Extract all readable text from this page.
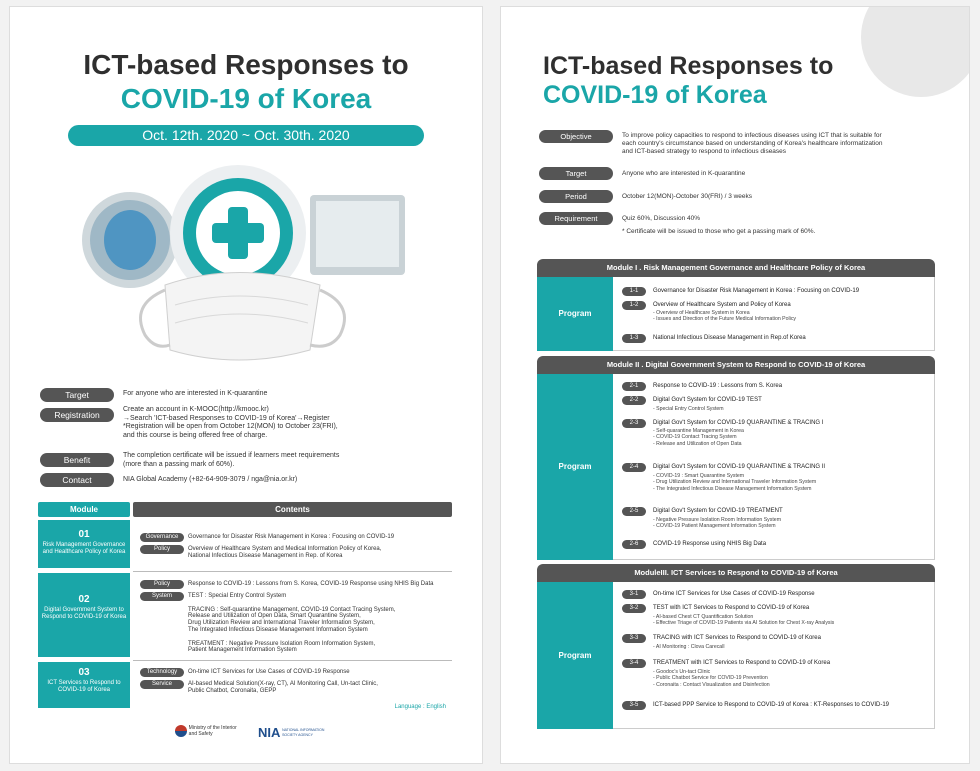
ICT-based Responses to
COVID-19 of Korea
Oct. 12th. 2020 ~ Oct. 30th. 2020
Target	For anyone who are interested in K-quarantine
Registration
Create an account in K-MOOC(http://kmooc.kr)
→Search 'ICT-based Responses to COVID-19 of Korea'→Register
*Registration will be open from October 12(MON) to October 23(FRI),
and this course is being offered free of charge.
Benefit	The completion certificate will be issued if learners meet requirements
(more than a passing mark of 60%).
Contact	NIA Global Academy (+82-64-909-3079 / nga@nia.or.kr)
Module	Contents
01
Risk Management Governance and Healthcare Policy of Korea
Governance	Governance for Disaster Risk Management in Korea : Focusing on COVID-19
Policy	Overview of Healthcare System and Medical Information Policy of Korea,
National Infectious Disease Management in Rep. of Korea
02
Digital Government System to Respond to COVID-19 of Korea
Policy	Response to COVID-19 : Lessons from S. Korea, COVID-19 Response using NHIS Big Data
System	TEST : Special Entry Control System

TRACING : Self-quarantine Management, COVID-19 Contact Tracing System,
Release and Utilization of Open Data, Smart Quarantine System,
Drug Utilization Review and International Traveler Information System,
The Integrated Infectious Disease Management Information System

TREATMENT : Negative Pressure Isolation Room Information System,
Patient Management Information System
03
ICT Services to Respond to COVID-19 of Korea
Technology	On-time ICT Services for Use Cases of COVID-19 Response
Service	AI-based Medical Solution(X-ray, CT), AI Monitoring Call, Un-tact Clinic,
Public Chatbot, Coronaita, GEPP
Language : English
Ministry of the Interior and Safety	NIA NATIONAL INFORMATION SOCIETY AGENCY
ICT-based Responses to
COVID-19 of Korea
Objective	To improve policy capacities to respond to infectious diseases using ICT that is suitable for
each country's circumstance based on understanding of Korea's healthcare informatization
and ICT-based strategy to respond to infectious diseases
Target	Anyone who are interested in K-quarantine
Period	October 12(MON)-October 30(FRI) / 3 weeks
Requirement	Quiz 60%, Discussion 40%
* Certificate will be issued to those who get a passing mark of 60%.
Module I . Risk Management Governance and Healthcare Policy of Korea
Program
1-1	Governance for Disaster Risk Management in Korea : Focusing on COVID-19
1-2	Overview of Healthcare System and Policy of Korea
- Overview of Healthcare System in Korea
- Issues and Direction of the Future Medical Information Policy
1-3	National Infectious Disease Management in Rep.of Korea
Module II . Digital Government System to Respond to COVID-19 of Korea
Program
2-1	Response to COVID-19 : Lessons from S. Korea
2-2	Digital Gov't System for COVID-19 TEST
- Special Entry Control System
2-3	Digital Gov't System for COVID-19 QUARANTINE & TRACING I
- Self-quarantine Management in Korea
- COVID-19 Contact Tracing System
- Release and Utilization of Open Data
2-4	Digital Gov't System for COVID-19 QUARANTINE & TRACING II
- COVID-19 : Smart Quarantine System
- Drug Utilization Review and International Traveler Information System
- The Integrated Infectious Disease Management Information System
2-5	Digital Gov't System for COVID-19 TREATMENT
- Negative Pressure Isolation Room Information System
- COVID-19 Patient Management Information System
2-6	COVID-19 Response using NHIS Big Data
ModuleIII. ICT Services to Respond to COVID-19 of Korea
Program
3-1	On-time ICT Services for Use Cases of COVID-19 Response
3-2	TEST with ICT Services to Respond to COVID-19 of Korea
- AI-based Chest CT Quantification Solution
- Effective Triage of COVID-19 Patients via AI Solution for Chest X-ray Analysis
3-3	TRACING with ICT Services to Respond to COVID-19 of Korea
- AI Monitoring : Clova Carecall
3-4	TREATMENT with ICT Services to Respond to COVID-19 of Korea
- Goodoc's Un-tact Clinic
- Public Chatbot Service for COVID-19 Prevention
- Coronaita : Contact Visualization and Disinfection
3-5	ICT-based PPP Service to Respond to COVID-19 of Korea : KT-Responses to COVID-19
